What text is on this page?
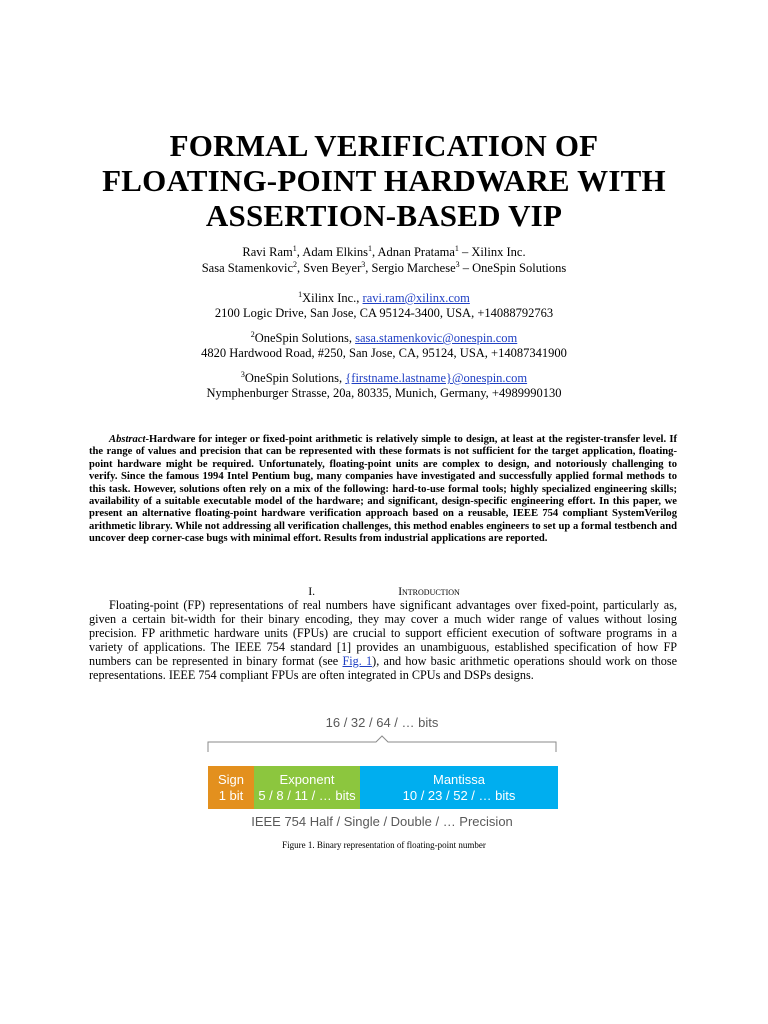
FORMAL VERIFICATION OF
FLOATING-POINT HARDWARE WITH
ASSERTION-BASED VIP
Ravi Ram$^1$, Adam Elkins$^1$, Adnan Pratama$^1$ – Xilinx Inc.
Sasa Stamenkovic$^2$, Sven Beyer$^3$, Sergio Marchese$^3$ – OneSpin Solutions
$^1$Xilinx Inc., ravi.ram@xilinx.com
2100 Logic Drive, San Jose, CA 95124-3400, USA, +14088792763
$^2$OneSpin Solutions, sasa.stamenkovic@onespin.com
4820 Hardwood Road, #250, San Jose, CA, 95124, USA, +14087341900
$^3$OneSpin Solutions, {firstname.lastname}@onespin.com
Nymphenburger Strasse, 20a, 80335, Munich, Germany, +4989990130
Abstract-Hardware for integer or fixed-point arithmetic is relatively simple to design, at least at the register-transfer level. If the range of values and precision that can be represented with these formats is not sufficient for the target application, floating-point hardware might be required. Unfortunately, floating-point units are complex to design, and notoriously challenging to verify. Since the famous 1994 Intel Pentium bug, many companies have investigated and successfully applied formal methods to this task. However, solutions often rely on a mix of the following: hard-to-use formal tools; highly specialized engineering skills; availability of a suitable executable model of the hardware; and significant, design-specific engineering effort. In this paper, we present an alternative floating-point hardware verification approach based on a reusable, IEEE 754 compliant SystemVerilog arithmetic library. While not addressing all verification challenges, this method enables engineers to set up a formal testbench and uncover deep corner-case bugs with minimal effort. Results from industrial applications are reported.
I.	Introduction

Floating-point (FP) representations of real numbers have significant advantages over fixed-point, particularly as, given a certain bit-width for their binary encoding, they may cover a much wider range of values without losing precision. FP arithmetic hardware units (FPUs) are crucial to support efficient execution of software programs in a variety of applications. The IEEE 754 standard [1] provides an unambiguous, established specification of how FP numbers can be represented in binary format (see Fig. 1), and how basic arithmetic operations should work on those representations. IEEE 754 compliant FPUs are often integrated in CPUs and DSPs designs.

16 / 32 / 64 / … bits
Sign
1 bit
Exponent
5 / 8 / 11 / … bits
Mantissa
10 / 23 / 52 / … bits
IEEE 754 Half / Single / Double / … Precision
Figure 1. Binary representation of floating-point number
